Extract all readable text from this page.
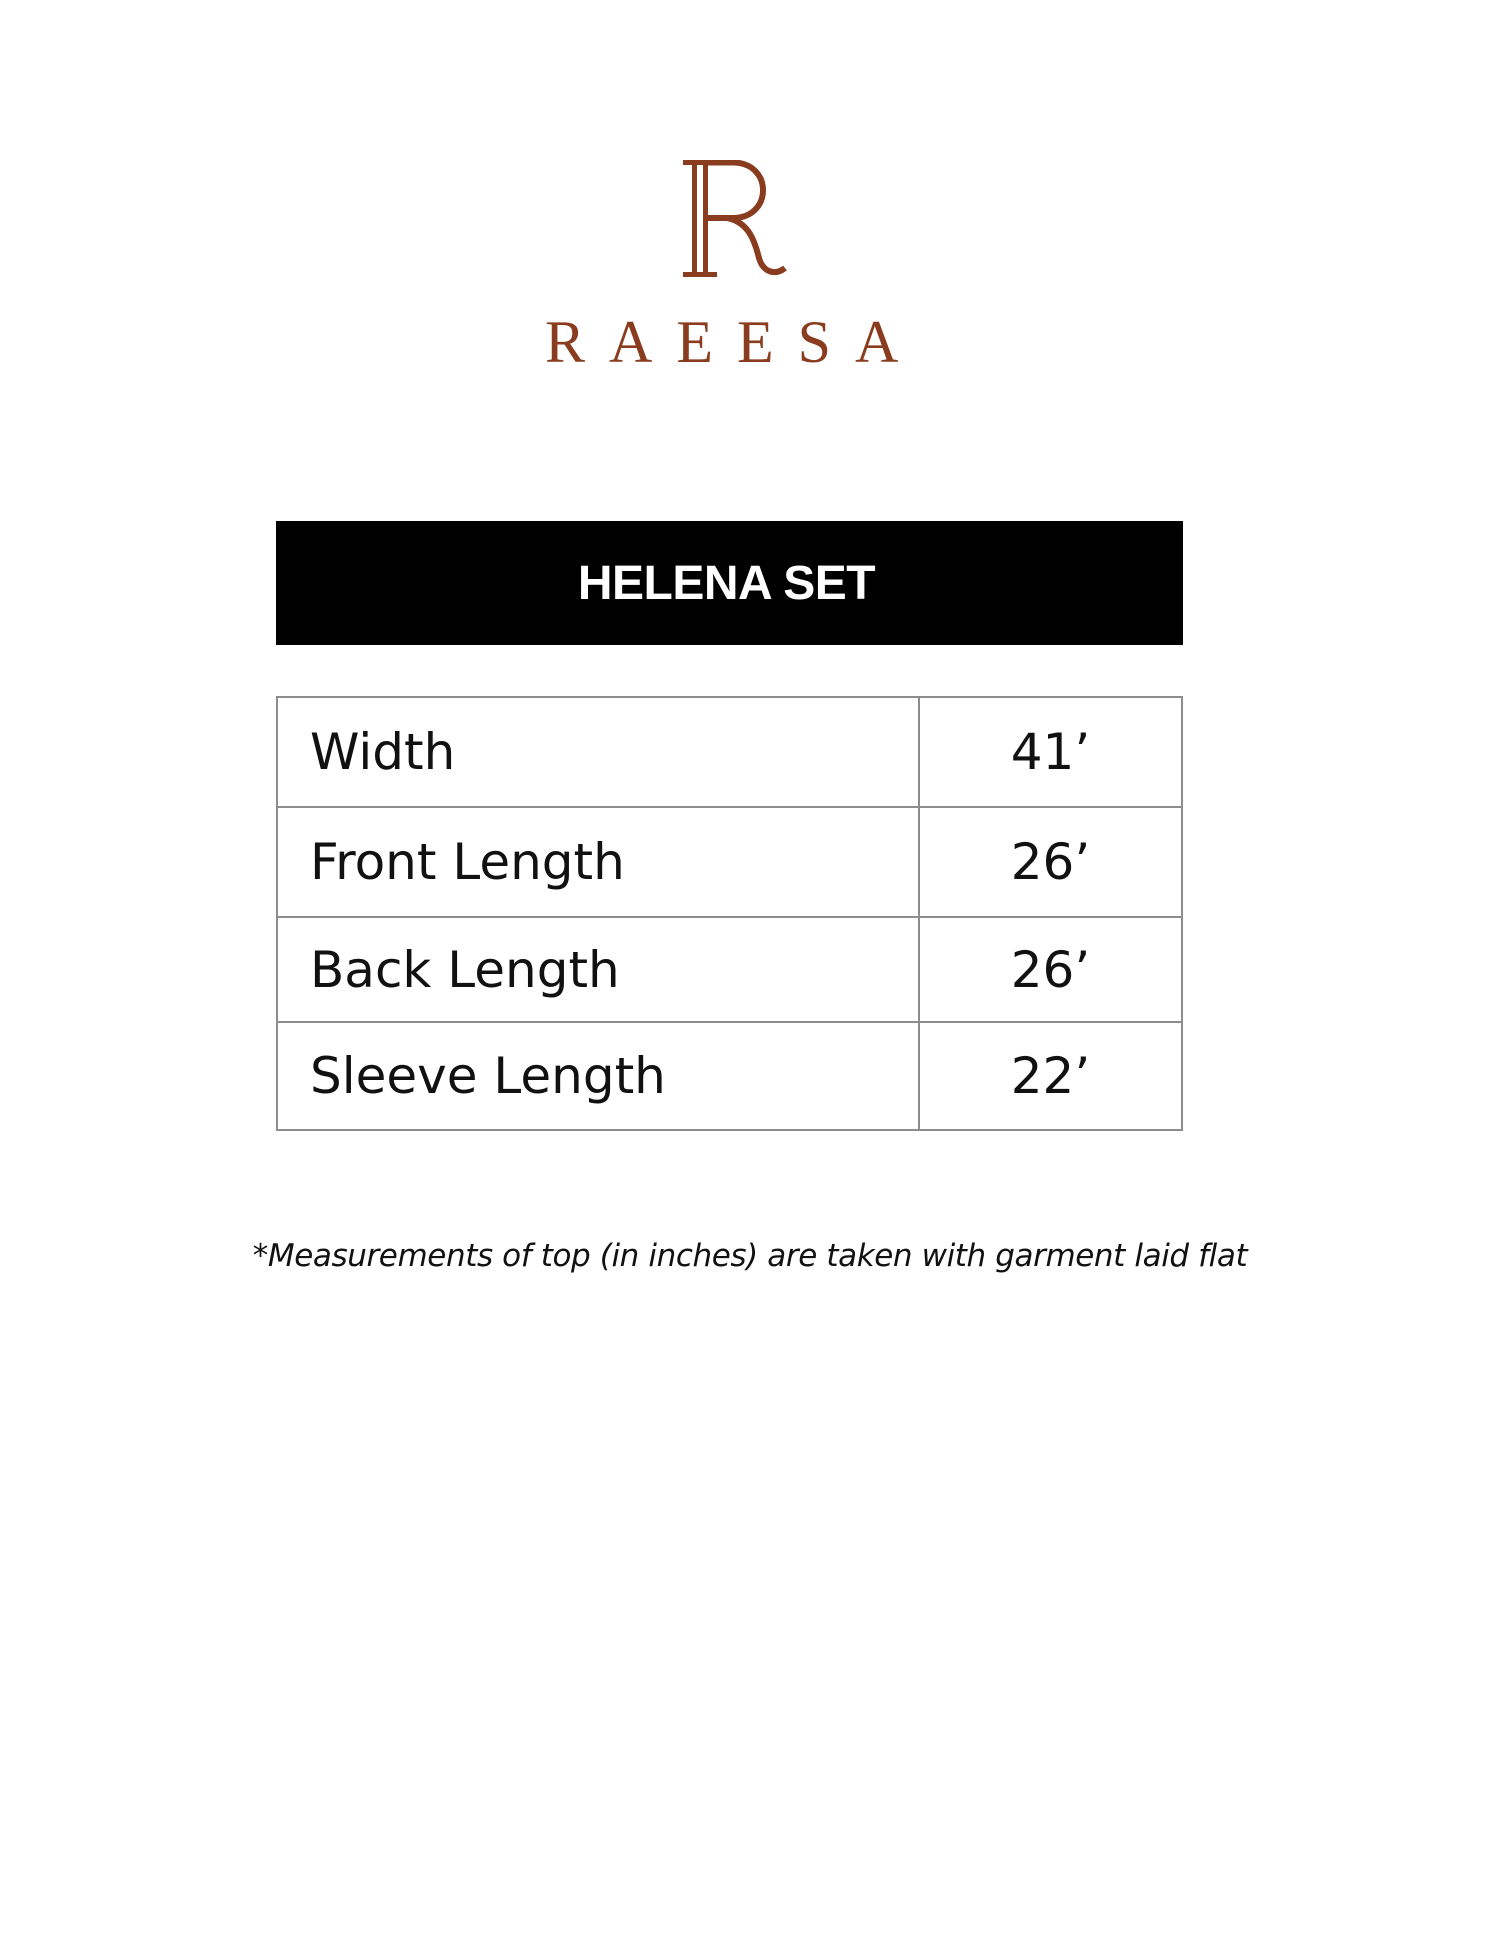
RAEESA
HELENA SET
Width	41’
Front Length	26’
Back Length	26’
Sleeve Length	22’
*Measurements of top (in inches) are taken with garment laid flat
